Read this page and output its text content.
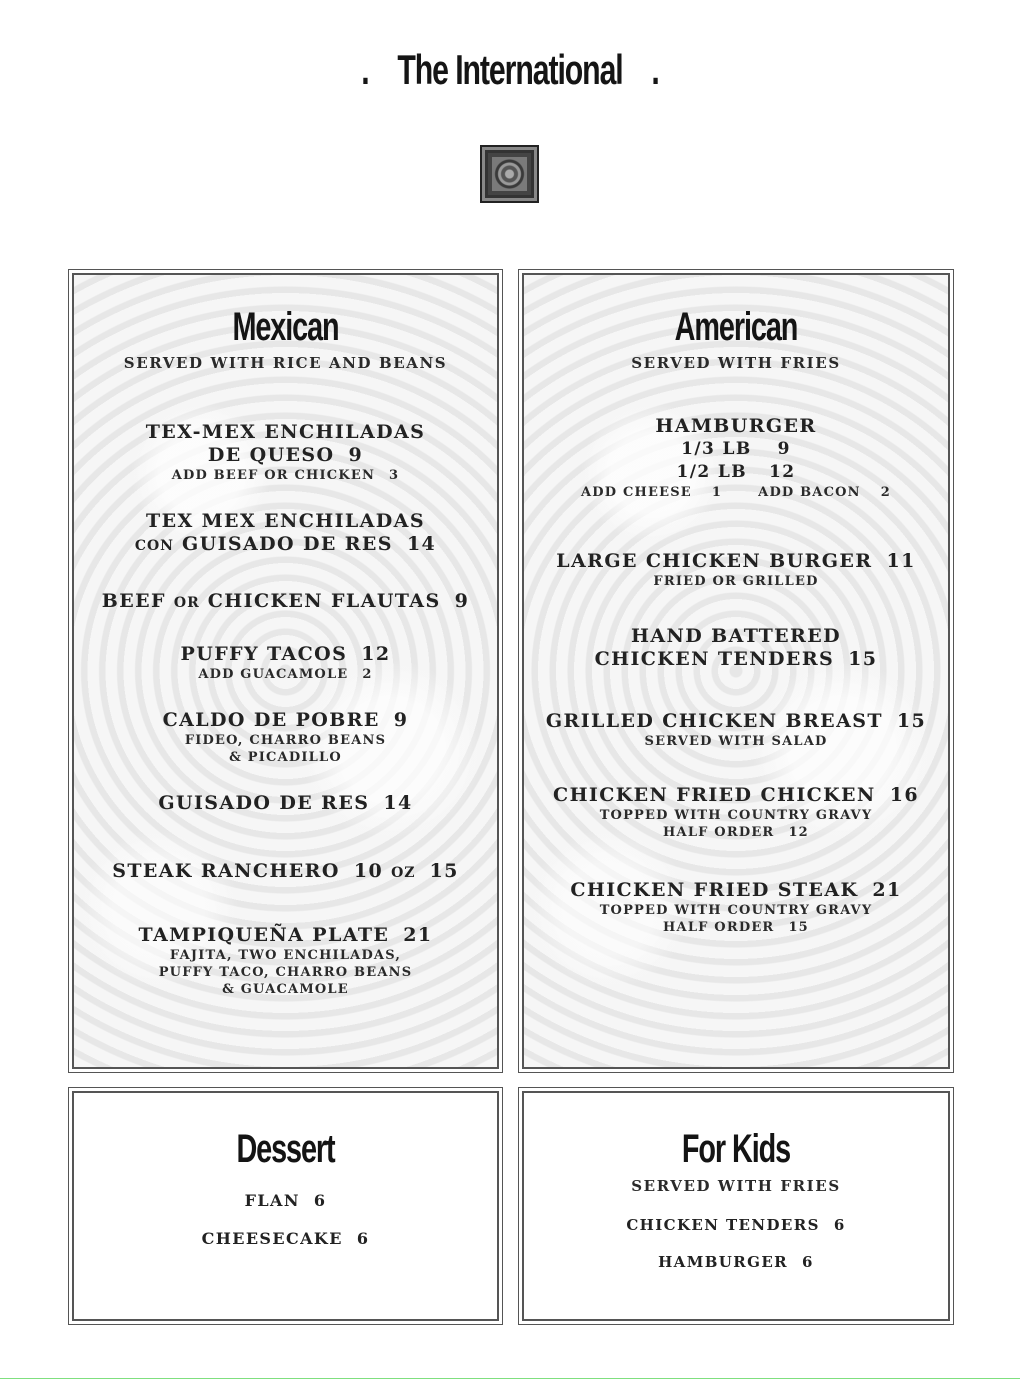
. The International .
Mexican
SERVED WITH RICE AND BEANS
TEX-MEX ENCHILADAS
DE QUESO 9
ADD BEEF OR CHICKEN 3
TEX MEX ENCHILADAS
CON GUISADO DE RES 14
BEEF OR CHICKEN FLAUTAS 9
PUFFY TACOS 12
ADD GUACAMOLE 2
CALDO DE POBRE 9
FIDEO, CHARRO BEANS
& PICADILLO
GUISADO DE RES 14
STEAK RANCHERO 10 OZ 15
TAMPIQUEÑA PLATE 21
FAJITA, TWO ENCHILADAS,
PUFFY TACO, CHARRO BEANS
& GUACAMOLE
American
SERVED WITH FRIES
HAMBURGER
1/3 LB 9
1/2 LB 12
ADD CHEESE 1	ADD BACON 2
LARGE CHICKEN BURGER 11
FRIED OR GRILLED
HAND BATTERED
CHICKEN TENDERS 15
GRILLED CHICKEN BREAST 15
SERVED WITH SALAD
CHICKEN FRIED CHICKEN 16
TOPPED WITH COUNTRY GRAVY
HALF ORDER 12
CHICKEN FRIED STEAK 21
TOPPED WITH COUNTRY GRAVY
HALF ORDER 15
Dessert
FLAN 6
CHEESECAKE 6
For Kids
SERVED WITH FRIES
CHICKEN TENDERS 6
HAMBURGER 6
